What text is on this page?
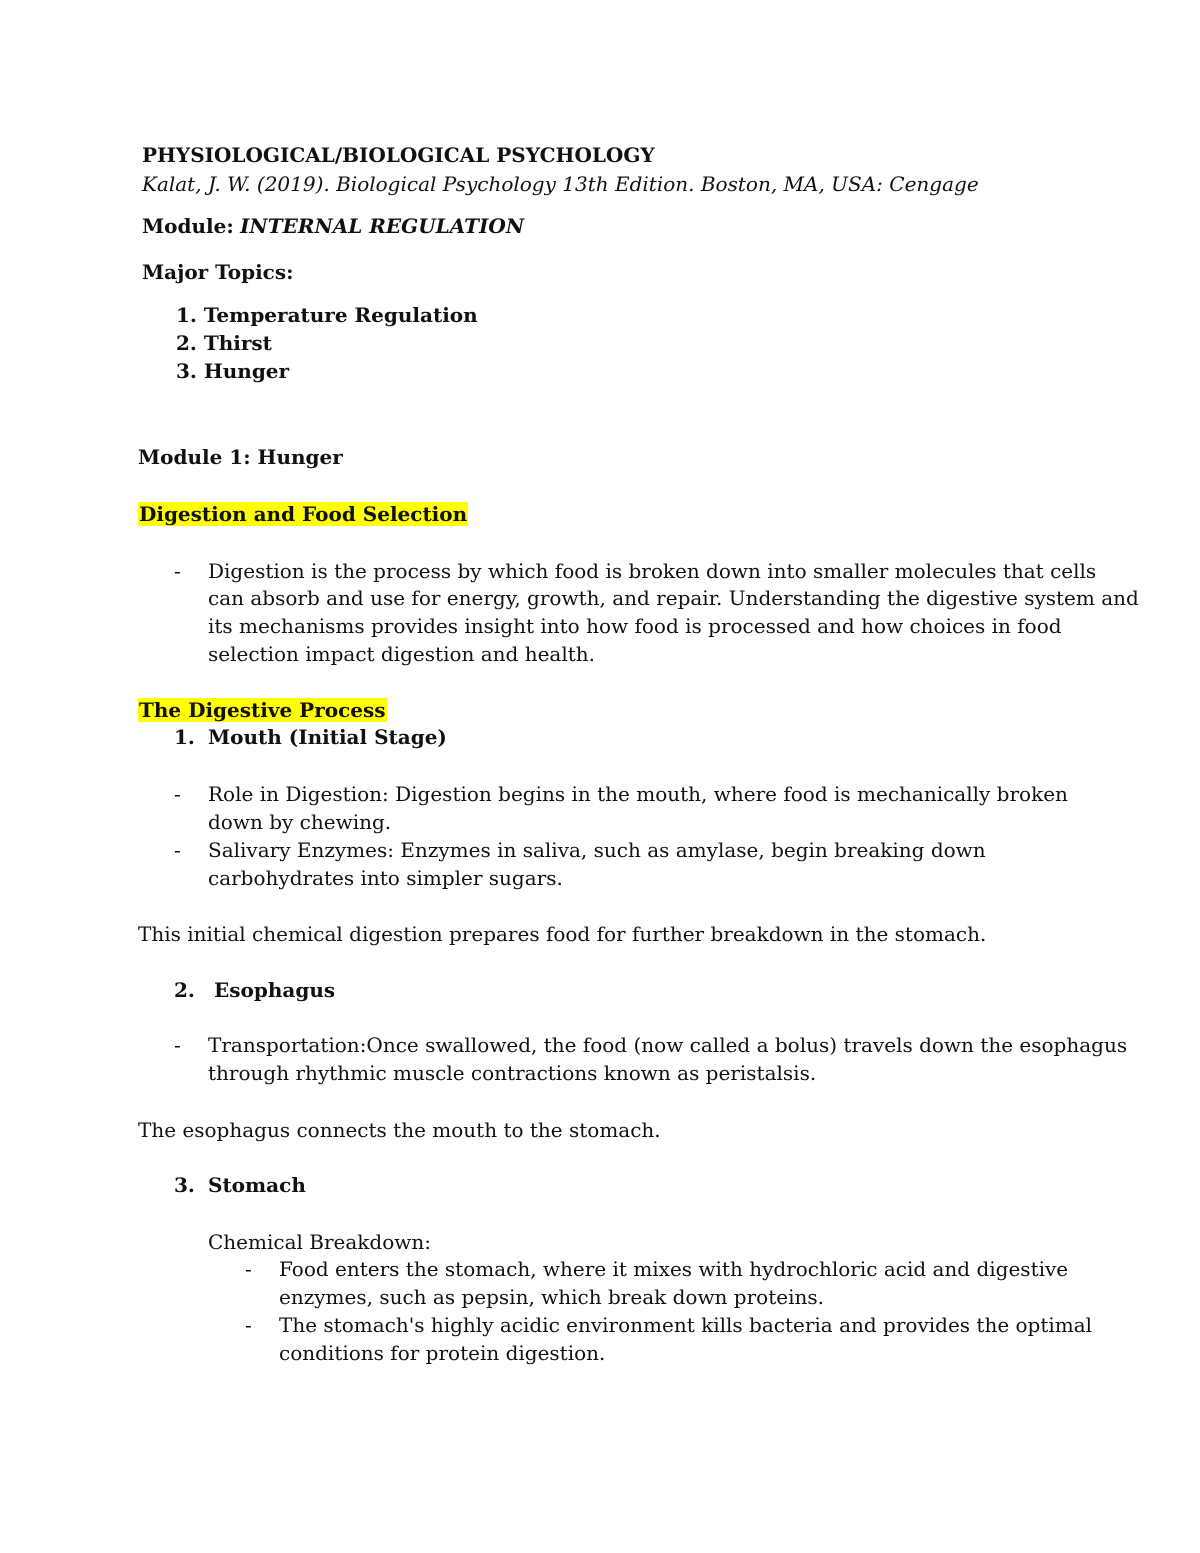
PHYSIOLOGICAL/BIOLOGICAL PSYCHOLOGY
Kalat, J. W. (2019). Biological Psychology 13th Edition. Boston, MA, USA: Cengage
Module: INTERNAL REGULATION
Major Topics:
1. Temperature Regulation
2. Thirst
3. Hunger
Module 1: Hunger
Digestion and Food Selection
- Digestion is the process by which food is broken down into smaller molecules that cells
can absorb and use for energy, growth, and repair. Understanding the digestive system and
its mechanisms provides insight into how food is processed and how choices in food
selection impact digestion and health.
The Digestive Process
1. Mouth (Initial Stage)
- Role in Digestion: Digestion begins in the mouth, where food is mechanically broken
down by chewing.
- Salivary Enzymes: Enzymes in saliva, such as amylase, begin breaking down
carbohydrates into simpler sugars.
This initial chemical digestion prepares food for further breakdown in the stomach.
2. Esophagus
- Transportation:Once swallowed, the food (now called a bolus) travels down the esophagus
through rhythmic muscle contractions known as peristalsis.
The esophagus connects the mouth to the stomach.
3. Stomach
Chemical Breakdown:
- Food enters the stomach, where it mixes with hydrochloric acid and digestive
enzymes, such as pepsin, which break down proteins.
- The stomach's highly acidic environment kills bacteria and provides the optimal
conditions for protein digestion.
